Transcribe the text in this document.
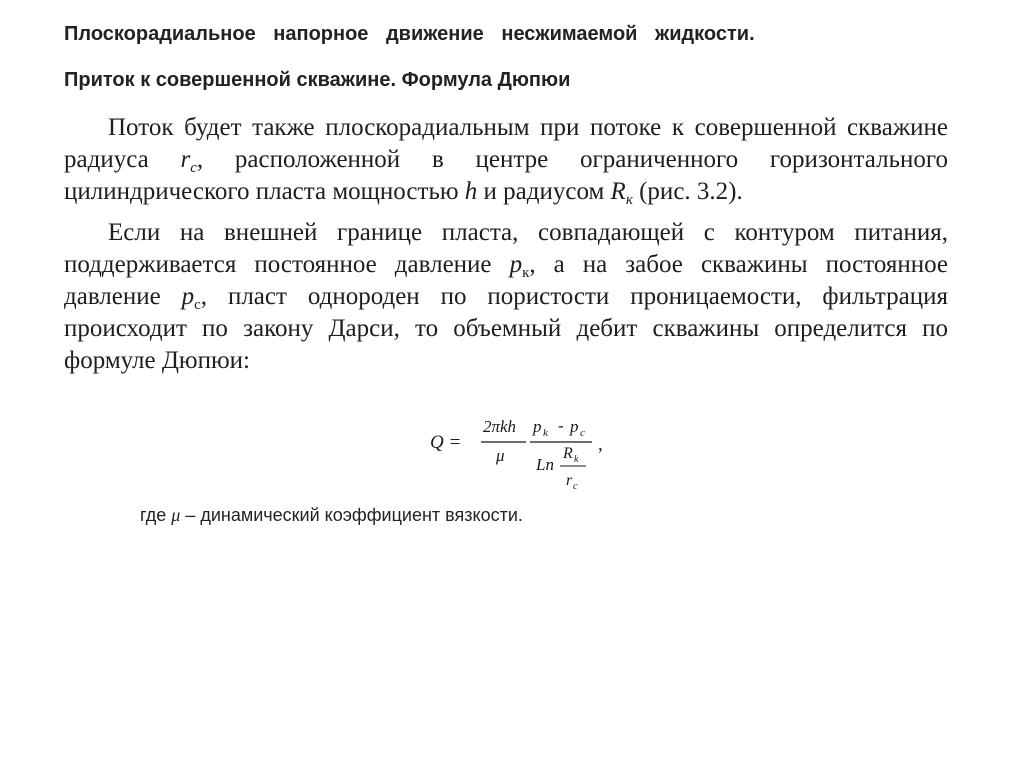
Плоскорадиальное напорное движение несжимаемой жидкости.
Приток к совершенной скважине. Формула Дюпюи
Поток будет также плоскорадиальным при потоке к совершенной скважине радиуса $r_c$, расположенной в центре ограниченного горизонтального цилиндрического пласта мощностью h и радиусом $R_к$ (рис. 3.2).
Если на внешней границе пласта, совпадающей с контуром питания, поддерживается постоянное давление $p_к$, а на забое скважины постоянное давление $p_c$, пласт однороден по пористости проницаемости, фильтрация происходит по закону Дарси, то объемный дебит скважины определится по формуле Дюпюи:
Q =
2πkh
μ
p k - p c
Ln
R k
r c
,
где μ – динамический коэффициент вязкости.
